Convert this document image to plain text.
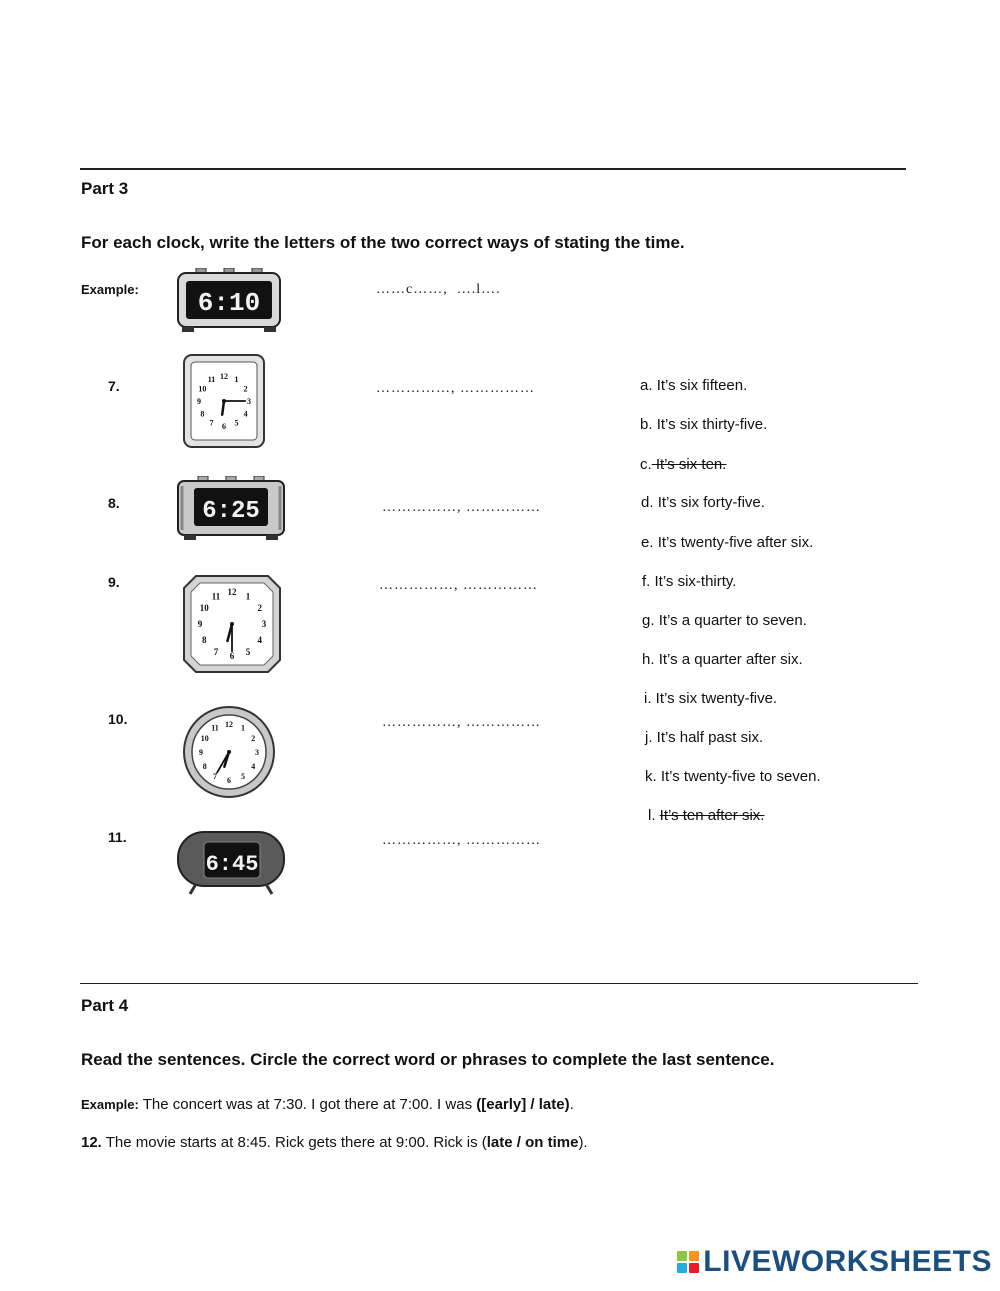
Part 3
For each clock, write the letters of the two correct ways of stating the time.
Example: 6:10	……c……,  ….l….
7.	1
2
3
4
5
6
7
8
9
10
11 12
……………, ……………
8.	6:25	……………, ……………
9.
1
2
3
4
5
6
7
8
9
10
11 12	……………, ……………
10.
1
2
3
4
5
6
7
8
9
10
11 12	……………, ……………
11.
6:45
……………, ……………
a. It’s six fifteen.
b. It’s six thirty-five.
c. It’s six ten.
d. It’s six forty-five.
e. It’s twenty-five after six.
f. It’s six-thirty.
g. It’s a quarter to seven.
h. It’s a quarter after six.
i. It’s six twenty-five.
j. It’s half past six.
k. It’s twenty-five to seven.
l. It’s ten after six.
Part 4
Read the sentences. Circle the correct word or phrases to complete the last sentence.
Example: The concert was at 7:30. I got there at 7:00. I was ([early] / late).
12. The movie starts at 8:45. Rick gets there at 9:00. Rick is (late / on time).
LIVEWORKSHEETS
